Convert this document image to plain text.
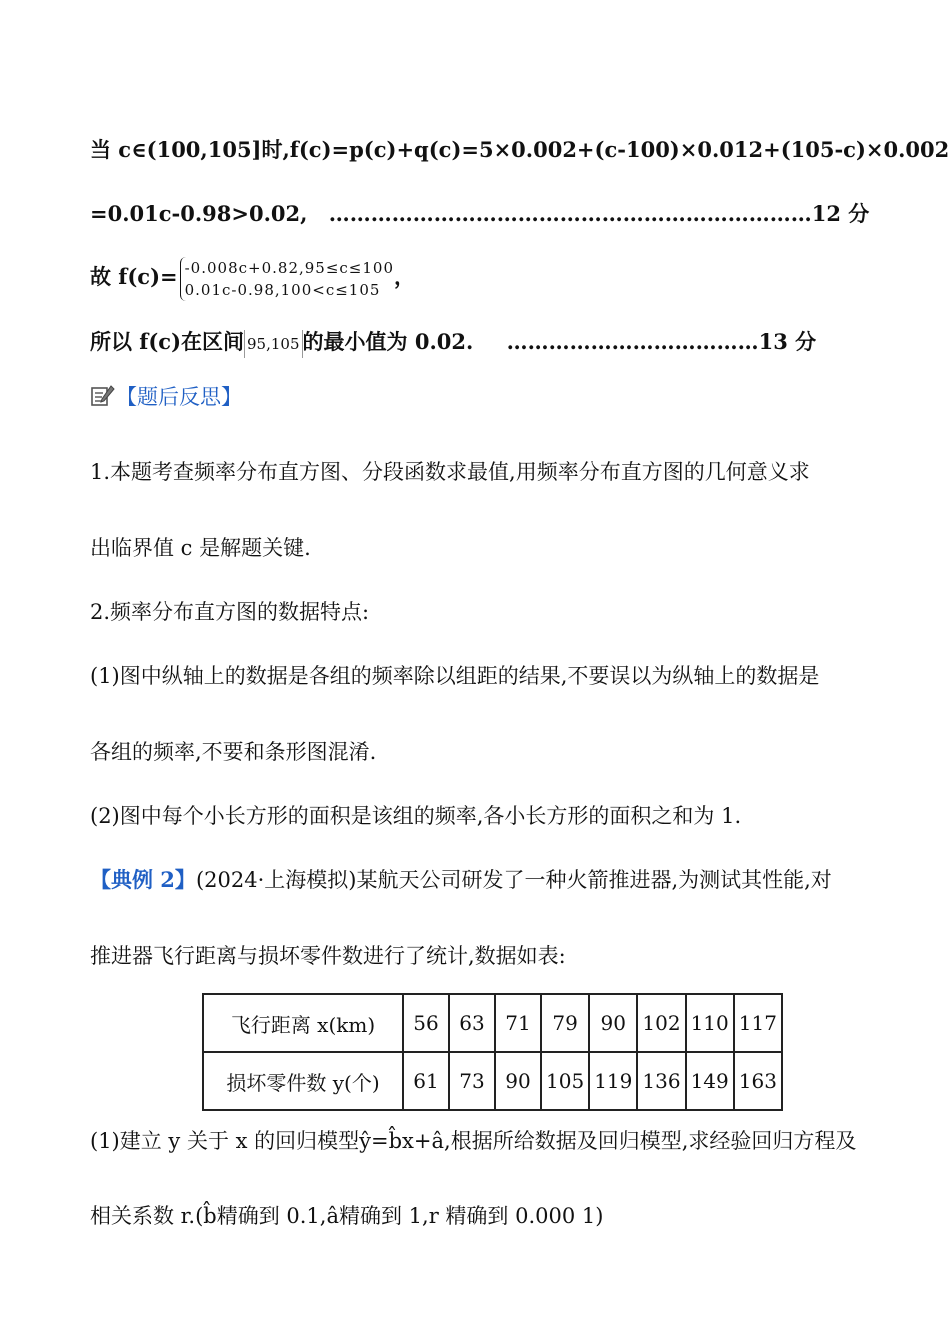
当 c∈(100,105]时,f(c)=p(c)+q(c)=5×0.002+(c-100)×0.012+(105-c)×0.002
=0.01c-0.98>0.02, ……………………………………………………………12 分
故 f(c)= -0.008c+0.82,95≤c≤100
0.01c-0.98,100<c≤105
，
所以 f(c)在区间 95,105 的最小值为 0.02. ………………………………13 分
【题后反思】
1.本题考查频率分布直方图、分段函数求最值,用频率分布直方图的几何意义求
出临界值 c 是解题关键.
2.频率分布直方图的数据特点:
(1)图中纵轴上的数据是各组的频率除以组距的结果,不要误以为纵轴上的数据是
各组的频率,不要和条形图混淆.
(2)图中每个小长方形的面积是该组的频率,各小长方形的面积之和为 1.
【典例 2】(2024·上海模拟)某航天公司研发了一种火箭推进器,为测试其性能,对
推进器飞行距离与损坏零件数进行了统计,数据如表:
飞行距离 x(km)	56	63	71	79	90	102	110	117
损坏零件数 y(个)	61	73	90	105	119	136	149	163
(1)建立 y 关于 x 的回归模型ŷ=b̂x+â,根据所给数据及回归模型,求经验回归方程及
相关系数 r.(b̂精确到 0.1,â精确到 1,r 精确到 0.000 1)
